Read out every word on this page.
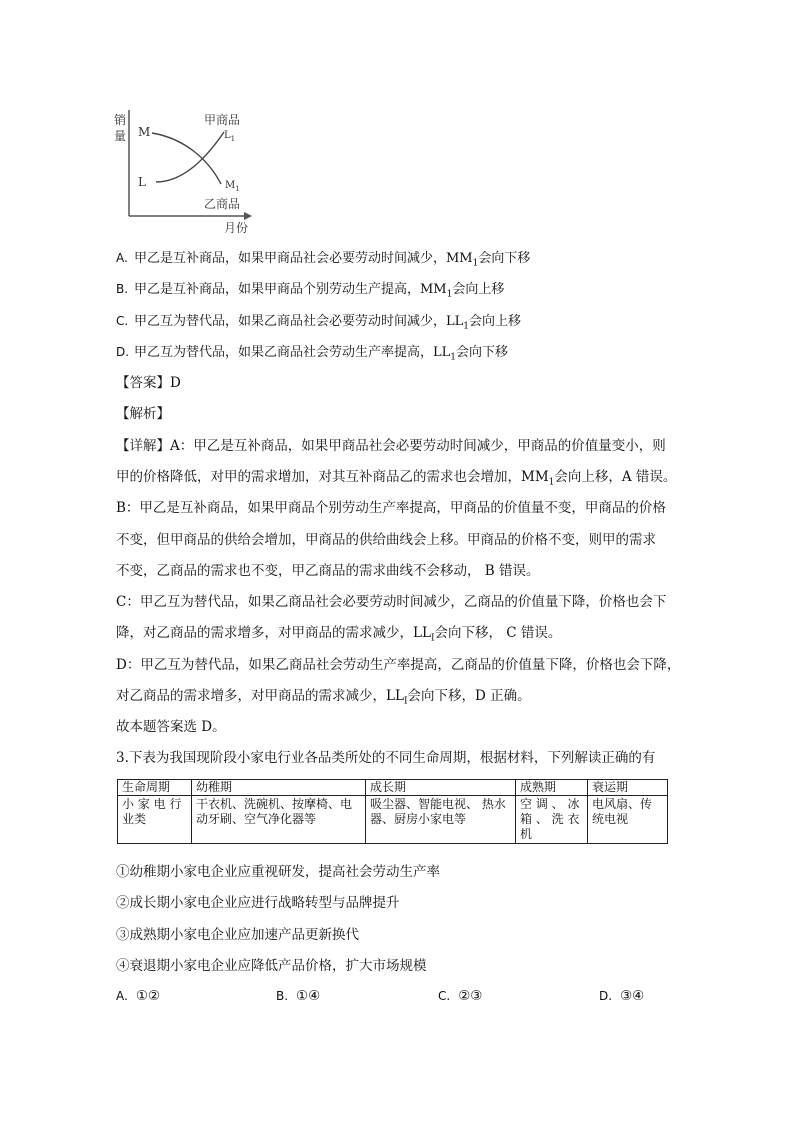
销
量
甲商品
M	$L_1$
L	$M_1$
乙商品
月份
A. 甲乙是互补商品，如果甲商品社会必要劳动时间减少，$MM_1$会向下移
B. 甲乙是互补商品，如果甲商品个别劳动生产提高，$MM_1$会向上移
C. 甲乙互为替代品，如果乙商品社会必要劳动时间减少，$LL_1$会向上移
D. 甲乙互为替代品，如果乙商品社会劳动生产率提高，$LL_1$会向下移
【答案】D
【解析】
【详解】A：甲乙是互补商品，如果甲商品社会必要劳动时间减少，甲商品的价值量变小，则
甲的价格降低，对甲的需求增加，对其互补商品乙的需求也会增加，$MM_1$会向上移，A 错误。
B：甲乙是互补商品，如果甲商品个别劳动生产率提高，甲商品的价值量不变，甲商品的价格
不变，但甲商品的供给会增加，甲商品的供给曲线会上移。甲商品的价格不变，则甲的需求
不变，乙商品的需求也不变，甲乙商品的需求曲线不会移动， B 错误。
C：甲乙互为替代品，如果乙商品社会必要劳动时间减少，乙商品的价值量下降，价格也会下
降，对乙商品的需求增多，对甲商品的需求减少，$LL_I$会向下移， C 错误。
D：甲乙互为替代品，如果乙商品社会劳动生产率提高，乙商品的价值量下降，价格也会下降，
对乙商品的需求增多，对甲商品的需求减少，$LL_I$会向下移，D 正确。
故本题答案选 D。
3.下表为我国现阶段小家电行业各品类所处的不同生命周期，根据材料，下列解读正确的有
生命周期	幼稚期	成长期	成熟期	衰运期
小 家 电 行 业类	干衣机、洗碗机、按摩椅、电动牙刷、空气净化器等	吸尘器、智能电视、 热水器、厨房小家电等	空 调 、 冰箱 、 洗 衣机	电风扇、传统电视
①幼稚期小家电企业应重视研发，提高社会劳动生产率
②成长期小家电企业应进行战略转型与品牌提升
③成熟期小家电企业应加速产品更新换代
④衰退期小家电企业应降低产品价格，扩大市场规模
A. ①②	B. ①④	C. ②③	D. ③④
